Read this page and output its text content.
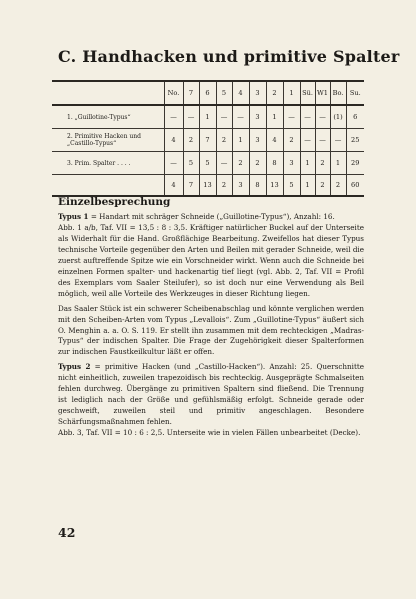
C. Handhacken und primitive Spalter
	No.	7	6	5	4	3	2	1	Sü.	W1	Bo.	Su.
1. „Guillotine-Typus“	—	—	1	—	—	3	1	—	—	—	(1)	6
2. Primitive Hacken und „Castillo-Typus“	4	2	7	2	1	3	4	2	—	—	—	25
3. Prim. Spalter . . . .	—	5	5	—	2	2	8	3	1	2	1	29
	4	7	13	2	3	8	13	5	1	2	2	60
Einzelbesprechung

Typus 1 = Handart mit schräger Schneide („Guillotine-Typus“), Anzahl: 16.

Abb. 1 a/b, Taf. VII = 13,5 : 8 : 3,5. Kräftiger natürlicher Buckel auf der Unterseite als Widerhalt für die Hand. Großflächige Bearbeitung. Zweifellos hat dieser Typus technische Vorteile gegenüber den Arten und Beilen mit gerader Schneide, weil die zuerst auftreffende Spitze wie ein Vorschneider wirkt. Wenn auch die Schneide bei einzelnen Formen spalter- und hackenartig tief liegt (vgl. Abb. 2, Taf. VII = Profil des Exemplars vom Saaler Steilufer), so ist doch nur eine Verwendung als Beil möglich, weil alle Vorteile des Werkzeuges in dieser Richtung liegen.

Das Saaler Stück ist ein schwerer Scheibenabschlag und könnte verglichen werden mit den Scheiben-Arten vom Typus „Levallois“. Zum „Guillotine-Typus“ äußert sich O. Menghin a. a. O. S. 119. Er stellt ihn zusammen mit dem rechteckigen „Madras-Typus“ der indischen Spalter. Die Frage der Zugehörigkeit dieser Spalterformen zur indischen Faustkeilkultur läßt er offen.

Typus 2 = primitive Hacken (und „Castillo-Hacken“). Anzahl: 25. Querschnitte nicht einheitlich, zuweilen trapezoidisch bis rechteckig. Ausgeprägte Schmalseiten fehlen durchweg. Übergänge zu primitiven Spaltern sind fließend. Die Trennung ist lediglich nach der Größe und gefühlsmäßig erfolgt. Schneide gerade oder geschweift, zuweilen steil und primitiv angeschlagen. Besondere Schärfungsmaßnahmen fehlen.

Abb. 3, Taf. VII = 10 : 6 : 2,5. Unterseite wie in vielen Fällen unbearbeitet (Decke).

42
